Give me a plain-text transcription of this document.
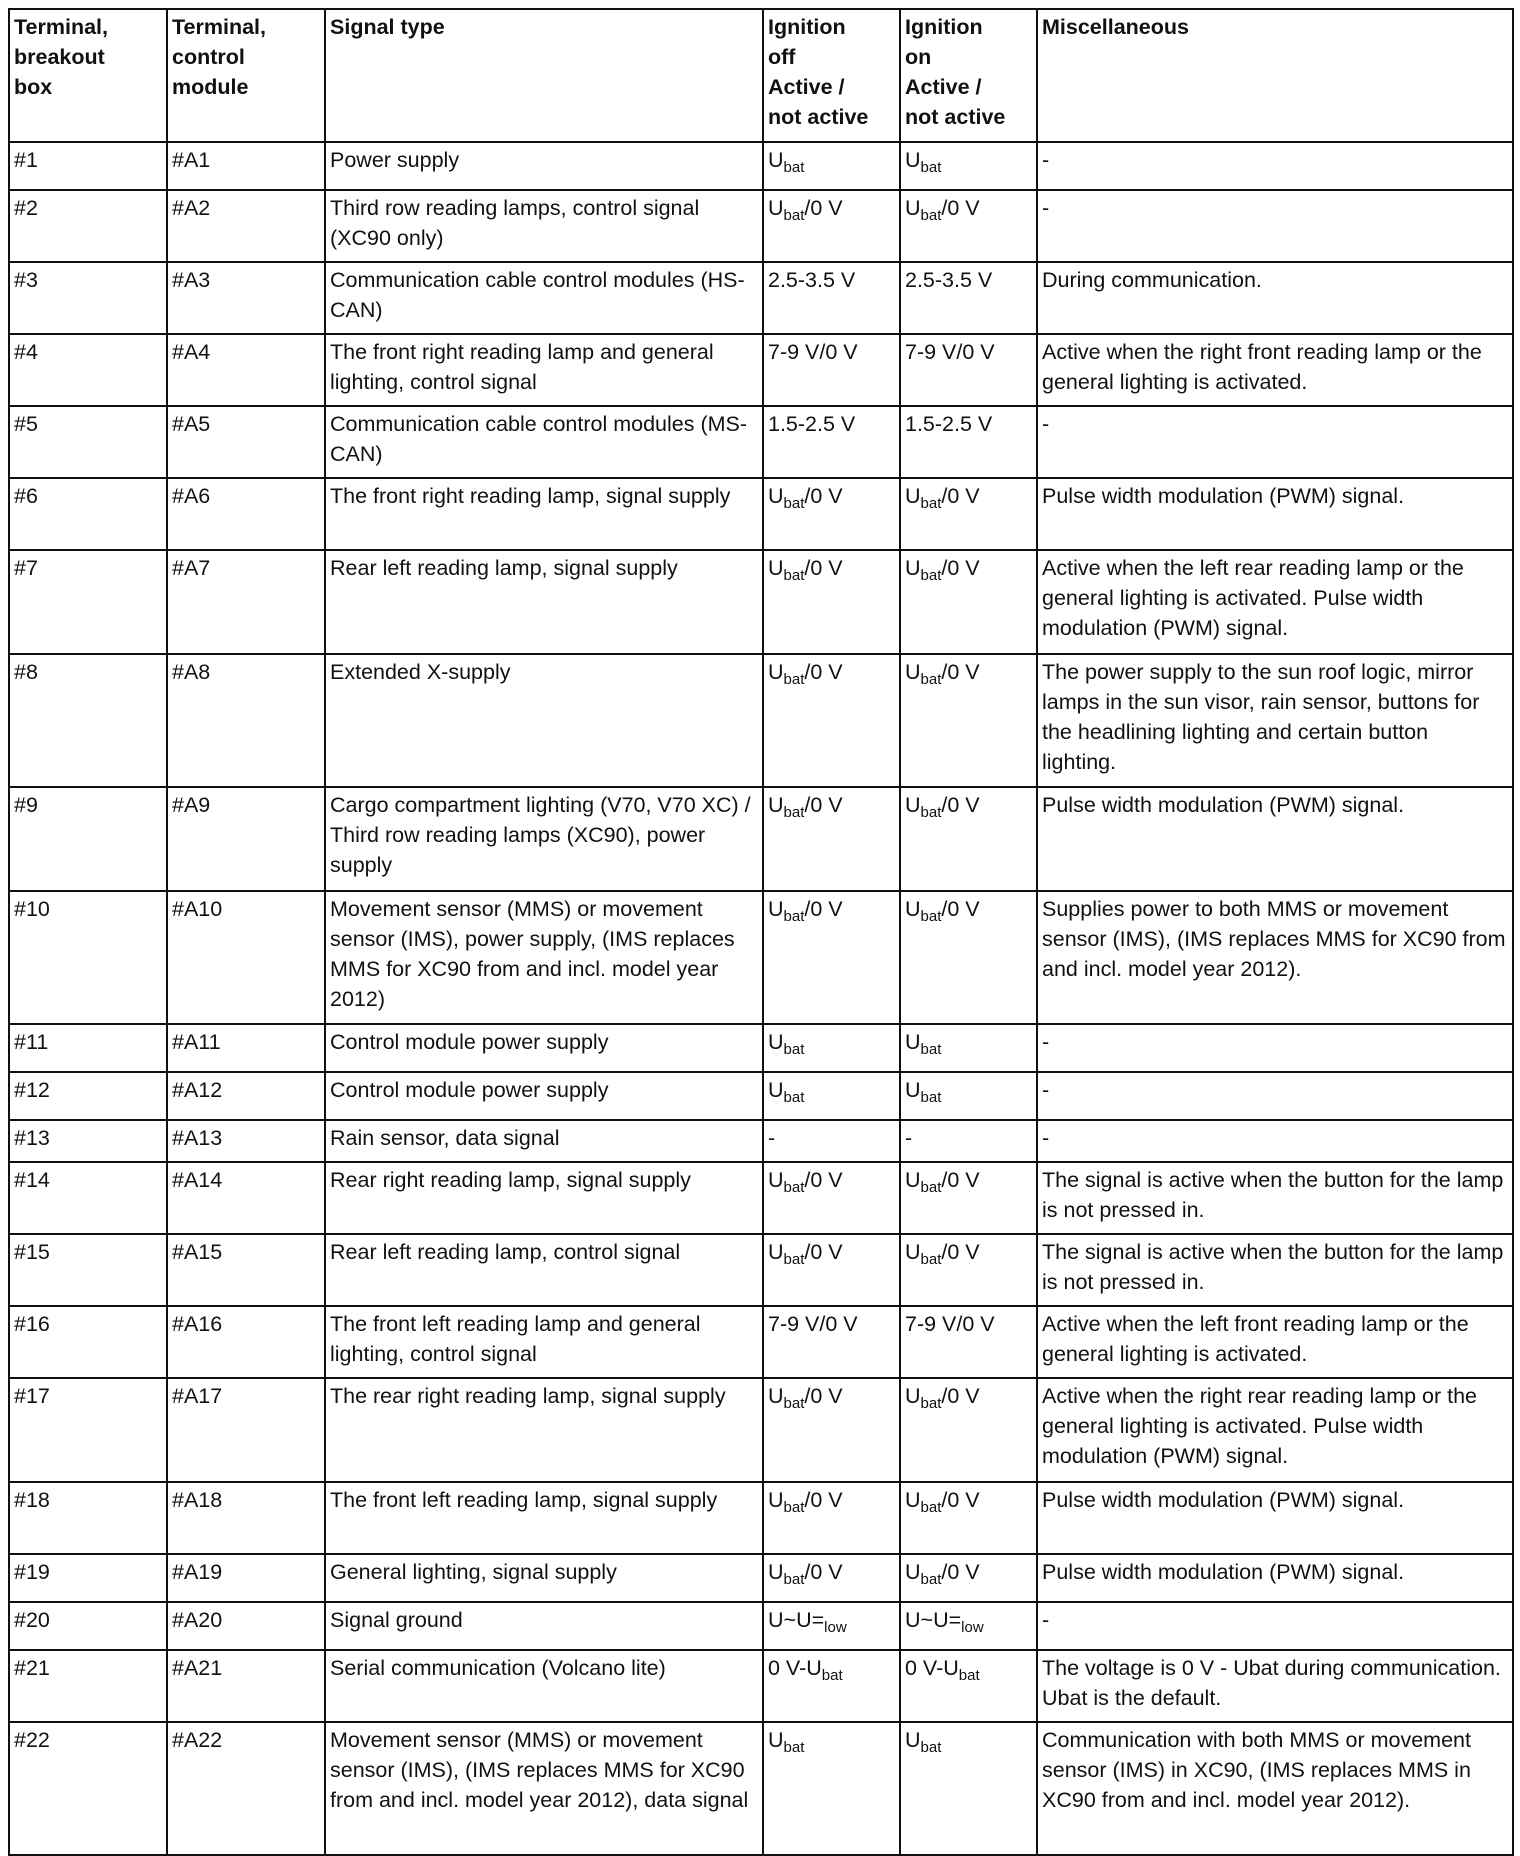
Terminal,
breakout
box	Terminal,
control
module	Signal type	Ignition
off
Active /
not active	Ignition
on
Active /
not active	Miscellaneous

#1	#A1	Power supply	$U_{bat}$	$U_{bat}$	-
#2	#A2	Third row reading lamps, control signal (XC90 only)	$U_{bat}/0$ V	$U_{bat}/0$ V	-
#3	#A3	Communication cable control modules (HS-CAN)	2.5-3.5 V	2.5-3.5 V	During communication.
#4	#A4	The front right reading lamp and general lighting, control signal	7-9 V/0 V	7-9 V/0 V	Active when the right front reading lamp or the general lighting is activated.
#5	#A5	Communication cable control modules (MS-CAN)	1.5-2.5 V	1.5-2.5 V	-
#6	#A6	The front right reading lamp, signal supply	$U_{bat}/0$ V	$U_{bat}/0$ V	Pulse width modulation (PWM) signal.
#7	#A7	Rear left reading lamp, signal supply	$U_{bat}/0$ V	$U_{bat}/0$ V	Active when the left rear reading lamp or the general lighting is activated. Pulse width modulation (PWM) signal.
#8	#A8	Extended X-supply	$U_{bat}/0$ V	$U_{bat}/0$ V	The power supply to the sun roof logic, mirror lamps in the sun visor, rain sensor, buttons for the headlining lighting and certain button lighting.
#9	#A9	Cargo compartment lighting (V70, V70 XC) / Third row reading lamps (XC90), power supply	$U_{bat}/0$ V	$U_{bat}/0$ V	Pulse width modulation (PWM) signal.
#10	#A10	Movement sensor (MMS) or movement sensor (IMS), power supply, (IMS replaces MMS for XC90 from and incl. model year 2012)	$U_{bat}/0$ V	$U_{bat}/0$ V	Supplies power to both MMS or movement sensor (IMS), (IMS replaces MMS for XC90 from and incl. model year 2012).
#11	#A11	Control module power supply	$U_{bat}$	$U_{bat}$	-
#12	#A12	Control module power supply	$U_{bat}$	$U_{bat}$	-
#13	#A13	Rain sensor, data signal	-	-	-
#14	#A14	Rear right reading lamp, signal supply	$U_{bat}/0$ V	$U_{bat}/0$ V	The signal is active when the button for the lamp is not pressed in.
#15	#A15	Rear left reading lamp, control signal	$U_{bat}/0$ V	$U_{bat}/0$ V	The signal is active when the button for the lamp is not pressed in.
#16	#A16	The front left reading lamp and general lighting, control signal	7-9 V/0 V	7-9 V/0 V	Active when the left front reading lamp or the general lighting is activated.
#17	#A17	The rear right reading lamp, signal supply	$U_{bat}/0$ V	$U_{bat}/0$ V	Active when the right rear reading lamp or the general lighting is activated. Pulse width modulation (PWM) signal.
#18	#A18	The front left reading lamp, signal supply	$U_{bat}/0$ V	$U_{bat}/0$ V	Pulse width modulation (PWM) signal.
#19	#A19	General lighting, signal supply	$U_{bat}/0$ V	$U_{bat}/0$ V	Pulse width modulation (PWM) signal.
#20	#A20	Signal ground	$U\sim U=_{low}$	$U\sim U=_{low}$	-
#21	#A21	Serial communication (Volcano lite)	0 $V-U_{bat}$	0 $V-U_{bat}$	The voltage is 0 V - Ubat during communication. Ubat is the default.
#22	#A22	Movement sensor (MMS) or movement sensor (IMS), (IMS replaces MMS for XC90 from and incl. model year 2012), data signal	$U_{bat}$	$U_{bat}$	Communication with both MMS or movement sensor (IMS) in XC90, (IMS replaces MMS in XC90 from and incl. model year 2012).
